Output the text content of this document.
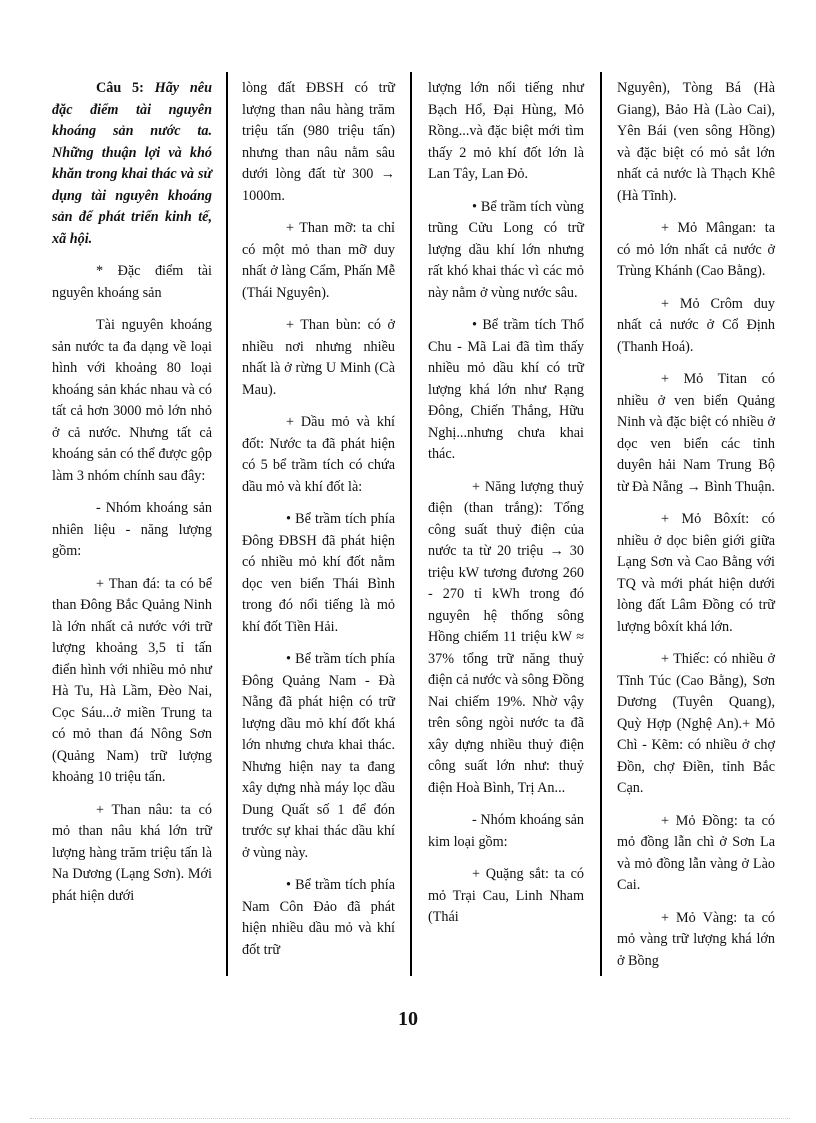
Câu 5: Hãy nêu đặc điểm tài nguyên khoáng sản nước ta. Những thuận lợi và khó khăn trong khai thác và sử dụng tài nguyên khoáng sản để phát triển kinh tế, xã hội.

* Đặc điểm tài nguyên khoáng sản

Tài nguyên khoáng sản nước ta đa dạng về loại hình với khoảng 80 loại khoáng sản khác nhau và có tất cả hơn 3000 mỏ lớn nhỏ ở cả nước. Nhưng tất cả khoáng sản có thể được gộp làm 3 nhóm chính sau đây:

- Nhóm khoáng sản nhiên liệu - năng lượng gồm:

+ Than đá: ta có bể than Đông Bắc Quảng Ninh là lớn nhất cả nước với trữ lượng khoảng 3,5 tỉ tấn điển hình với nhiều mỏ như Hà Tu, Hà Lầm, Đèo Nai, Cọc Sáu...ở miền Trung ta có mỏ than đá Nông Sơn (Quảng Nam) trữ lượng khoảng 10 triệu tấn.

+ Than nâu: ta có mỏ than nâu khá lớn trữ lượng hàng trăm triệu tấn là Na Dương (Lạng Sơn). Mới phát hiện dưới

lòng đất ĐBSH có trữ lượng than nâu hàng trăm triệu tấn (980 triệu tấn) nhưng than nâu nằm sâu dưới lòng đất từ 300 → 1000m.

+ Than mỡ: ta chỉ có một mỏ than mỡ duy nhất ở làng Cẩm, Phấn Mễ (Thái Nguyên).

+ Than bùn: có ở nhiều nơi nhưng nhiều nhất là ở rừng U Minh (Cà Mau).

+ Dầu mỏ và khí đốt: Nước ta đã phát hiện có 5 bể trầm tích có chứa dầu mỏ và khí đốt là:

• Bể trầm tích phía Đông ĐBSH đã phát hiện có nhiều mỏ khí đốt nằm dọc ven biển Thái Bình trong đó nổi tiếng là mỏ khí đốt Tiền Hải.

• Bể trầm tích phía Đông Quảng Nam - Đà Nẵng đã phát hiện có trữ lượng dầu mỏ khí đốt khá lớn nhưng chưa khai thác. Nhưng hiện nay ta đang xây dựng nhà máy lọc dầu Dung Quất số 1 để đón trước sự khai thác dầu khí ở vùng này.

• Bể trầm tích phía Nam Côn Đảo đã phát hiện nhiều dầu mỏ và khí đốt trữ

lượng lớn nổi tiếng như Bạch Hổ, Đại Hùng, Mỏ Rồng...và đặc biệt mới tìm thấy 2 mỏ khí đốt lớn là Lan Tây, Lan Đỏ.

• Bể trầm tích vùng trũng Cửu Long có trữ lượng dầu khí lớn nhưng rất khó khai thác vì các mỏ này nằm ở vùng nước sâu.

• Bể trầm tích Thổ Chu - Mã Lai đã tìm thấy nhiều mỏ dầu khí có trữ lượng khá lớn như Rạng Đông, Chiến Thắng, Hữu Nghị...nhưng chưa khai thác.

+ Năng lượng thuỷ điện (than trắng): Tổng công suất thuỷ điện của nước ta từ 20 triệu → 30 triệu kW tương đương 260 - 270 tỉ kWh trong đó nguyên hệ thống sông Hồng chiếm 11 triệu kW ≈ 37% tổng trữ năng thuỷ điện cả nước và sông Đồng Nai chiếm 19%. Nhờ vậy trên sông ngòi nước ta đã xây dựng nhiều thuỷ điện công suất lớn như: thuỷ điện Hoà Bình, Trị An...

- Nhóm khoáng sản kim loại gồm:

+ Quặng sắt: ta có mỏ Trại Cau, Linh Nham (Thái

Nguyên), Tòng Bá (Hà Giang), Bảo Hà (Lào Cai), Yên Bái (ven sông Hồng) và đặc biệt có mỏ sắt lớn nhất cả nước là Thạch Khê (Hà Tĩnh).

+ Mỏ Mângan: ta có mỏ lớn nhất cả nước ở Trùng Khánh (Cao Bằng).

+ Mỏ Crôm duy nhất cả nước ở Cổ Định (Thanh Hoá).

+ Mỏ Titan có nhiều ở ven biển Quảng Ninh và đặc biệt có nhiều ở dọc ven biển các tỉnh duyên hải Nam Trung Bộ từ Đà Nẵng → Bình Thuận.

+ Mỏ Bôxít: có nhiều ở dọc biên giới giữa Lạng Sơn và Cao Bằng với TQ và mới phát hiện dưới lòng đất Lâm Đồng có trữ lượng bôxít khá lớn.

+ Thiếc: có nhiều ở Tĩnh Túc (Cao Bằng), Sơn Dương (Tuyên Quang), Quỳ Hợp (Nghệ An).+ Mỏ Chì - Kẽm: có nhiều ở chợ Đồn, chợ Điền, tỉnh Bắc Cạn.

+ Mỏ Đồng: ta có mỏ đồng lẫn chì ở Sơn La và mỏ đồng lẫn vàng ở Lào Cai.

+ Mỏ Vàng: ta có mỏ vàng trữ lượng khá lớn ở Bồng

10
